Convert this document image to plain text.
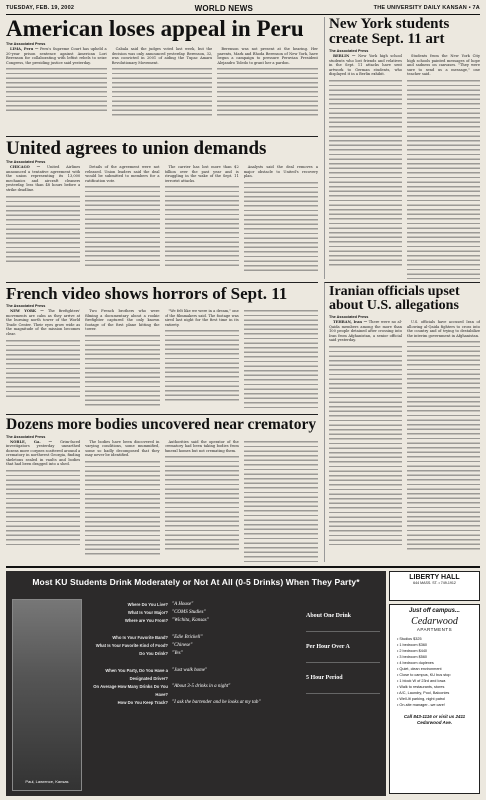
TUESDAY, FEB. 19, 2002	WORLD NEWS	THE UNIVERSITY DAILY KANSAN • 7A
American loses appeal in Peru
The Associated Press

LIMA, Peru — Peru's Supreme Court has upheld a 20-year prison sentence against American Lori Berenson for collaborating with leftist rebels to seize Congress, the presiding justice said yesterday.

Cabala said the judges voted last week, but the decision was only announced yesterday. Berenson, 32, was convicted in 2001 of aiding the Tupac Amaru Revolutionary Movement.

Berenson was not present at the hearing. Her parents, Mark and Rhoda Berenson of New York, have begun a campaign to pressure Peruvian President Alejandro Toledo to grant her a pardon.

New York students create Sept. 11 art
The Associated Press

BERLIN — New York high school students who lost friends and relatives in the Sept. 11 attacks have sent artwork to German students, who displayed it in a Berlin exhibit.

Students from the New York City high schools painted messages of hope and sadness on canvases. "They were sure to send us a message," one teacher said.

United agrees to union demands
The Associated Press

CHICAGO — United Airlines announced a tentative agreement with the union representing its 13,000 mechanics and aircraft cleaners yesterday, less than 48 hours before a strike deadline.

Details of the agreement were not released. Union leaders said the deal would be submitted to members for a ratification vote.

The carrier has lost more than $2 billion over the past year and is struggling in the wake of the Sept. 11 terrorist attacks.

Analysts said the deal removes a major obstacle to United's recovery plan.

French video shows horrors of Sept. 11
The Associated Press

NEW YORK — The firefighters' movements are calm as they arrive at the burning north tower of the World Trade Center. Their eyes grow wide as the magnitude of the mission becomes clear.

Two French brothers who were filming a documentary about a rookie firefighter captured the only known footage of the first plane hitting the tower.

"We felt like we were in a dream," one of the filmmakers said. The footage was aired last night for the first time in its entirety.

Iranian officials upset about U.S. allegations
The Associated Press

TEHRAN, Iran — There were no al-Qaida members among the more than 100 people detained after crossing into Iran from Afghanistan, a senior official said yesterday.

U.S. officials have accused Iran of allowing al-Qaida fighters to cross into the country and of trying to destabilize the interim government in Afghanistan.

Dozens more bodies uncovered near crematory
The Associated Press

NOBLE, Ga. — Grim-faced investigators yesterday unearthed dozens more corpses scattered around a crematory in northwest Georgia, finding skeletons sealed in vaults and bodies that had been dragged into a shed.

The bodies have been discovered in varying conditions, some mummified, some so badly decomposed that they may never be identified.

Authorities said the operator of the crematory had been taking bodies from funeral homes but not cremating them.

Most KU Students Drink Moderately or Not At All (0-5 Drinks) When They Party*
Paul, Lawrence, Kansas
Where Do You Live? "A House"
What Is Your Major? "COMS Studies"
Where are You From? "Wichita, Kansas"
Who Is Your Favorite Band? "Edie Brickell"
What Is Your Favorite Kind of Food? "Chinese"
Do You Drink? "Yes"
When You Party, Do You Have a Designated Driver?
"Just walk home"
On Average How Many Drinks Do You Have?
"About 3-5 drinks in a night"
How Do You Keep Track? "I ask the bartender and he looks at my tab"
About One Drink
Per Hour Over A
5 Hour Period
LIBERTY HALL
644 MASS. ST. • 749-1912
Just off campus...
Cedarwood
APARTMENTS
• Studios $325
• 1 bedroom $360
• 2 bedroom $440
• 3 bedroom $560
• 4 bedroom duplexes
• Quiet, clean environment
• Close to campus, KU bus stop
• 1 block W of 23rd and Iowa
• Walk to restaurants, stores
• A/C, Laundry, Pool, Balconies
• Well-lit parking, night patrol
• On-site manager...we care!
Call 843-1116 or visit us 2411 Cedarwood Ave.
